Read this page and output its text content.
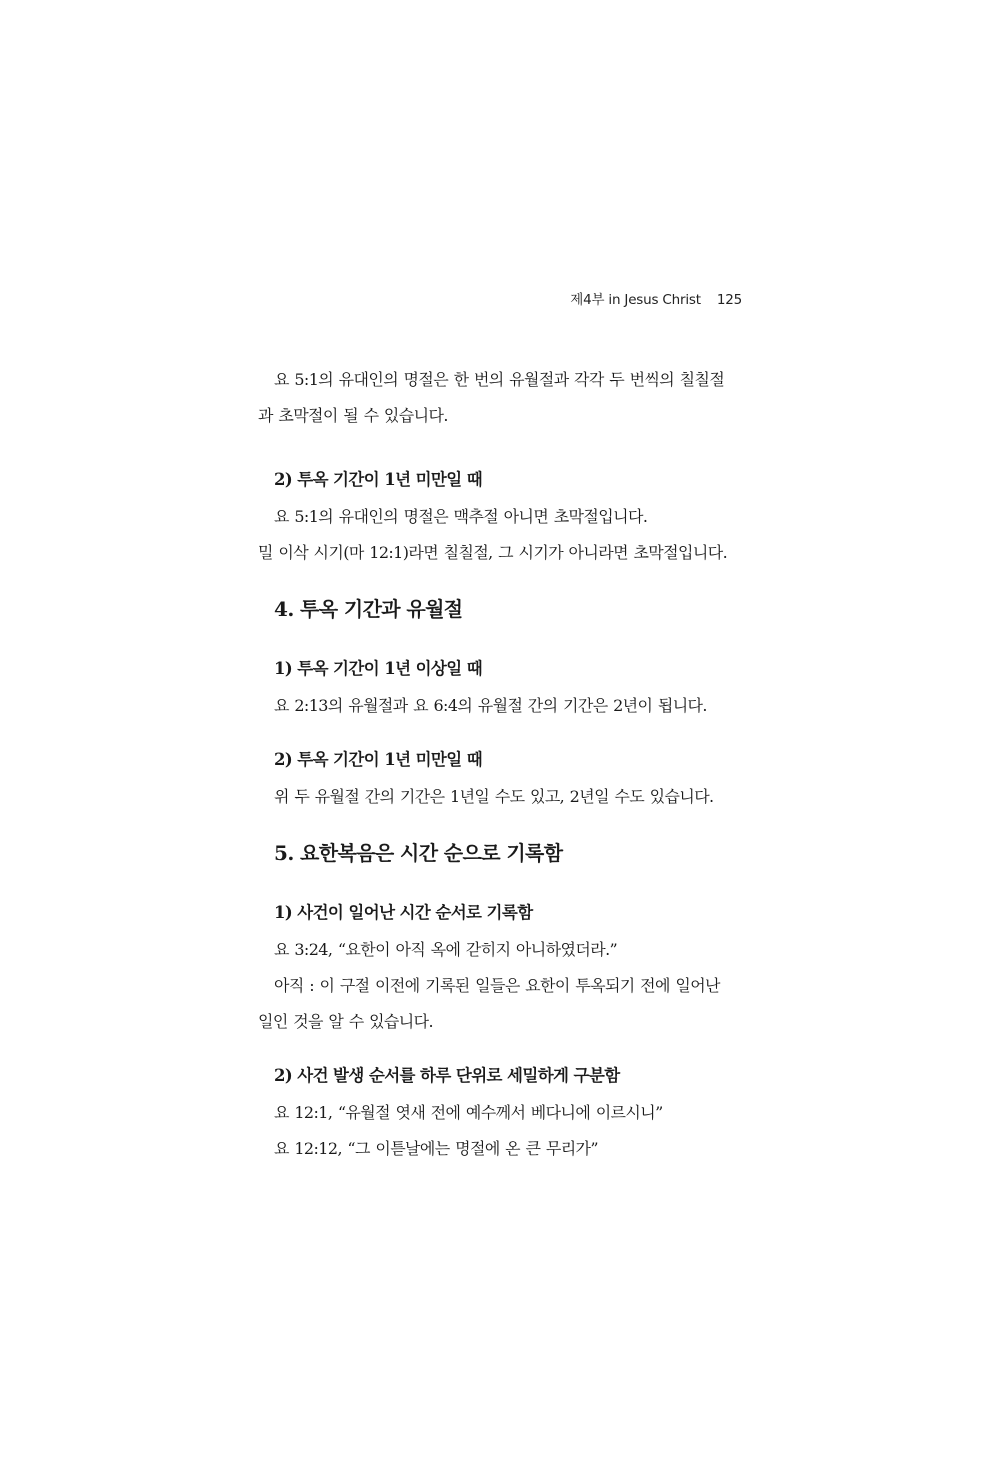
제4부 in Jesus Christ 125

요 5:1의 유대인의 명절은 한 번의 유월절과 각각 두 번씩의 칠칠절
과 초막절이 될 수 있습니다.

2) 투옥 기간이 1년 미만일 때

요 5:1의 유대인의 명절은 맥추절 아니면 초막절입니다.
밀 이삭 시기(마 12:1)라면 칠칠절, 그 시기가 아니라면 초막절입니다.

4. 투옥 기간과 유월절
1) 투옥 기간이 1년 이상일 때

요 2:13의 유월절과 요 6:4의 유월절 간의 기간은 2년이 됩니다.

2) 투옥 기간이 1년 미만일 때

위 두 유월절 간의 기간은 1년일 수도 있고, 2년일 수도 있습니다.

5. 요한복음은 시간 순으로 기록함
1) 사건이 일어난 시간 순서로 기록함

요 3:24, “요한이 아직 옥에 갇히지 아니하였더라.”
아직 : 이 구절 이전에 기록된 일들은 요한이 투옥되기 전에 일어난
일인 것을 알 수 있습니다.

2) 사건 발생 순서를 하루 단위로 세밀하게 구분함

요 12:1, “유월절 엿새 전에 예수께서 베다니에 이르시니”
요 12:12, “그 이튿날에는 명절에 온 큰 무리가”
